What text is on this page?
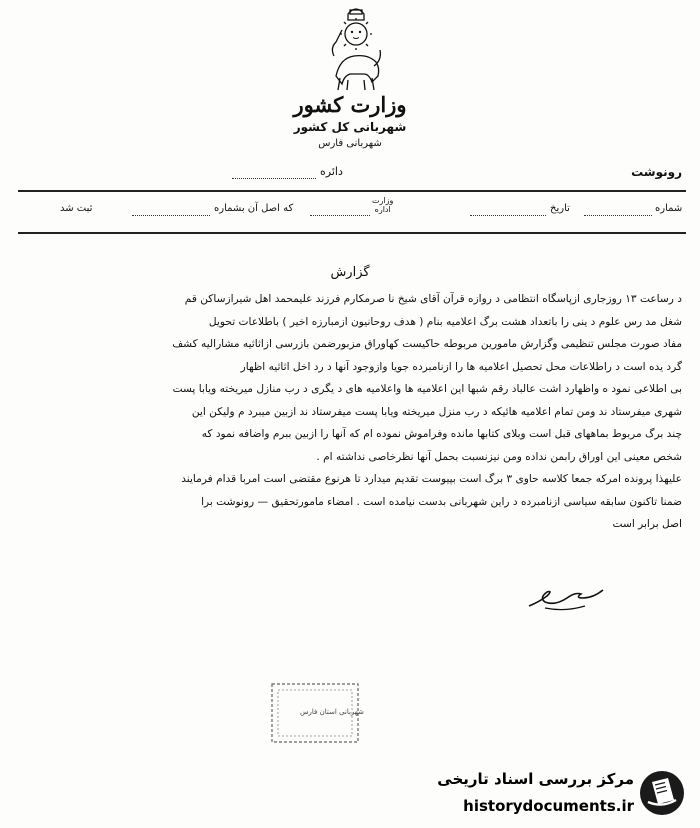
وزارت کشور
شهربانی کل کشور
شهربانی فارس
رونوشت
دائره
شماره
تاریخ
وزارت
اداره
که اصل آن بشماره
ثبت شد
گزارش

د رساعت ۱۳ روزجاری ازپاسگاه انتظامی د روازه قرآن آقای شیخ نا صرمکارم فرزند علیمحمد اهل شیرازساکن قم

شغل مد رس علوم د ینی را باتعداد هشت برگ اعلامیه بنام ( هدف روحانیون ازمبارزه اخیر ) باطلاعات تحویل

مفاد صورت مجلس تنظیمی وگزارش مامورین مربوطه حاکیست کهاوراق مزبورضمن بازرسی ازاثاثیه مشارالیه کشف

گرد یده است د راطلاعات محل تحصیل اعلامیه ها را ازنامبرده جویا وازوجود آنها د رد اخل اثاثیه اظهار

بی اطلاعی نمود ه واظهارد اشت عالباد رقم شبها این اعلامیه ها واعلامیه های د یگری د رب منازل میریخته ویابا پست

شهری میفرستاد ند ومن تمام اعلامیه هائیکه د رب منزل میریخته ویابا پست میفرستاد ند ازبین میبرد م ولیکن این

چند برگ مربوط بماههای قبل است وبلای کتابها مانده وفراموش نموده ام که آنها را ازبین ببرم واضافه نمود که

شخص معینی این اوراق رابمن نداده ومن نیزنسبت بحمل آنها نظرخاصی نداشته ام .

علیهذا پرونده امرکه جمعا کلاسه حاوی ۳ برگ است بپیوست تقدیم میدارد تا هرنوع مقتضی است امربا قدام فرمایند

ضمنا تاکنون سابقه سیاسی ازنامبرده د راین شهربانی بدست نیامده است . امضاء مامورتحقیق — رونوشت برا

اصل برابر است

شهربانی استان فارس
مرکز بررسی اسناد تاریخی
historydocuments.ir
